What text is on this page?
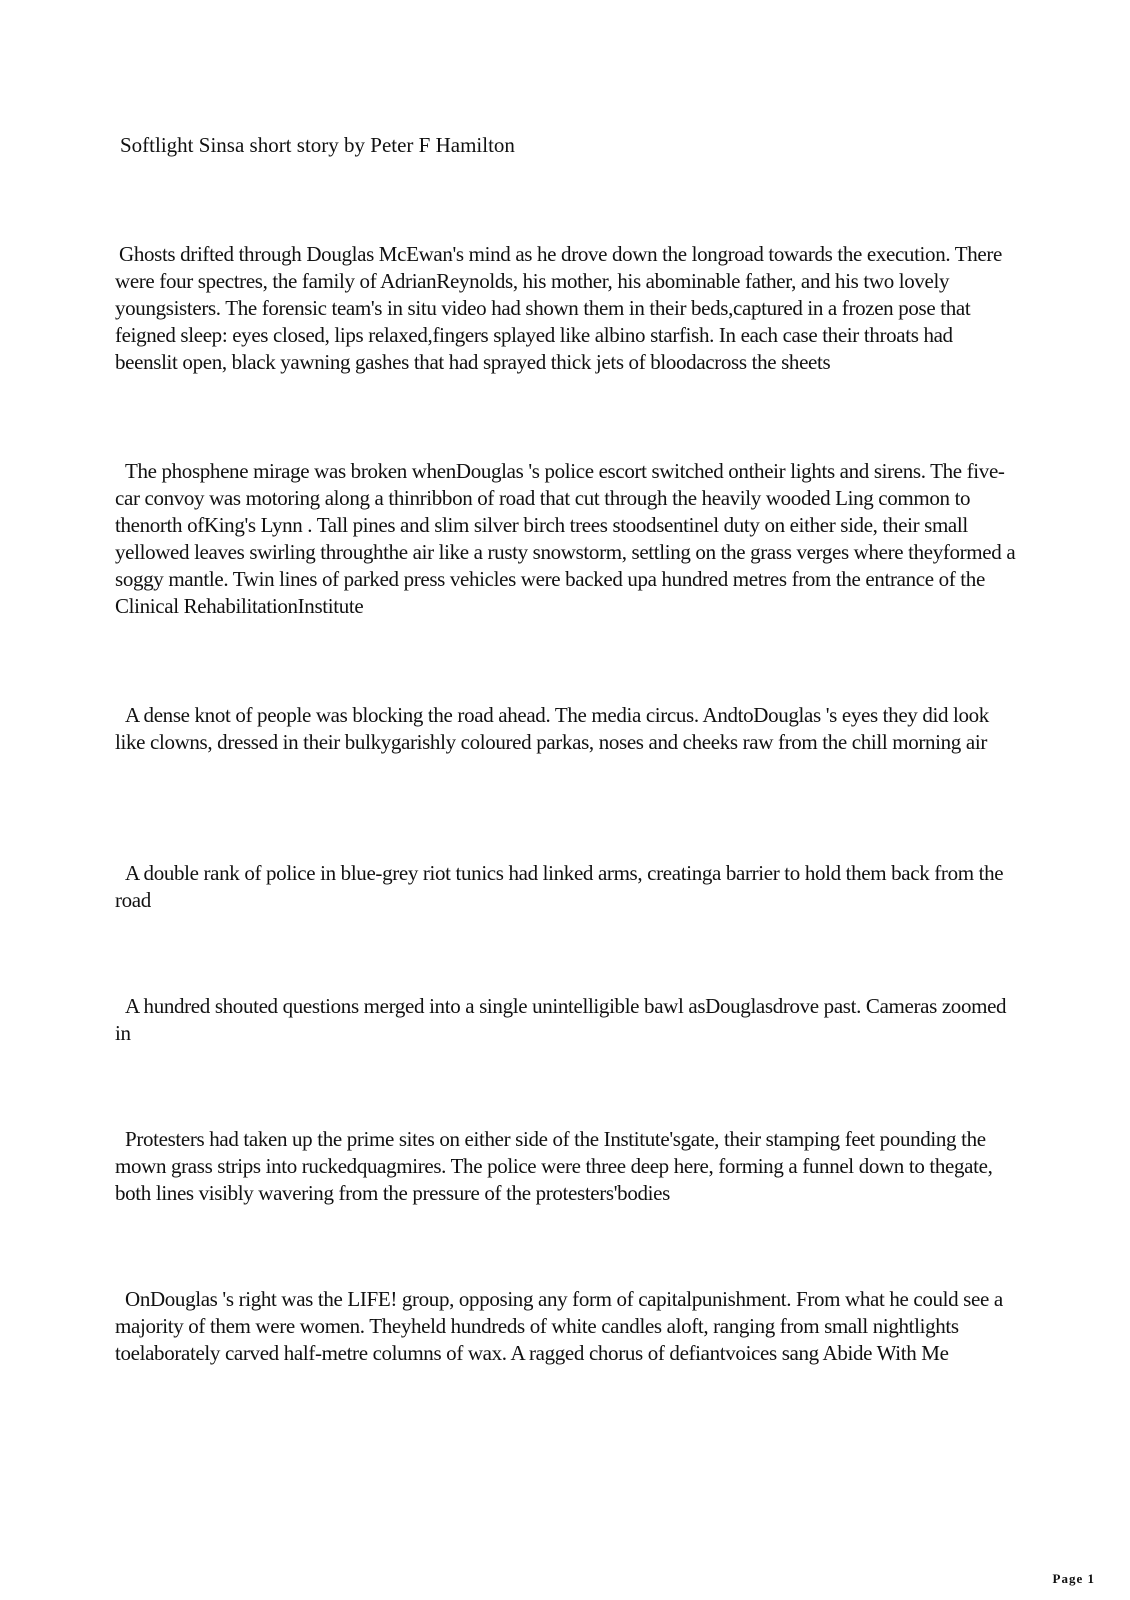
Softlight Sinsa short story by Peter F Hamilton

Ghosts drifted through Douglas McEwan's mind as he drove down the longroad towards the execution. There were four spectres, the family of AdrianReynolds, his mother, his abominable father, and his two lovely youngsisters. The forensic team's in situ video had shown them in their beds,captured in a frozen pose that feigned sleep: eyes closed, lips relaxed,fingers splayed like albino starfish. In each case their throats had beenslit open, black yawning gashes that had sprayed thick jets of bloodacross the sheets

The phosphene mirage was broken whenDouglas 's police escort switched ontheir lights and sirens. The five-car convoy was motoring along a thinribbon of road that cut through the heavily wooded Ling common to thenorth ofKing's Lynn . Tall pines and slim silver birch trees stoodsentinel duty on either side, their small yellowed leaves swirling throughthe air like a rusty snowstorm, settling on the grass verges where theyformed a soggy mantle. Twin lines of parked press vehicles were backed upa hundred metres from the entrance of the Clinical RehabilitationInstitute

A dense knot of people was blocking the road ahead. The media circus. AndtoDouglas 's eyes they did look like clowns, dressed in their bulkygarishly coloured parkas, noses and cheeks raw from the chill morning air

A double rank of police in blue-grey riot tunics had linked arms, creatinga barrier to hold them back from the road

A hundred shouted questions merged into a single unintelligible bawl asDouglasdrove past. Cameras zoomed in

Protesters had taken up the prime sites on either side of the Institute'sgate, their stamping feet pounding the mown grass strips into ruckedquagmires. The police were three deep here, forming a funnel down to thegate, both lines visibly wavering from the pressure of the protesters'bodies

OnDouglas 's right was the LIFE! group, opposing any form of capitalpunishment. From what he could see a majority of them were women. Theyheld hundreds of white candles aloft, ranging from small nightlights toelaborately carved half-metre columns of wax. A ragged chorus of defiantvoices sang Abide With Me

Page 1
